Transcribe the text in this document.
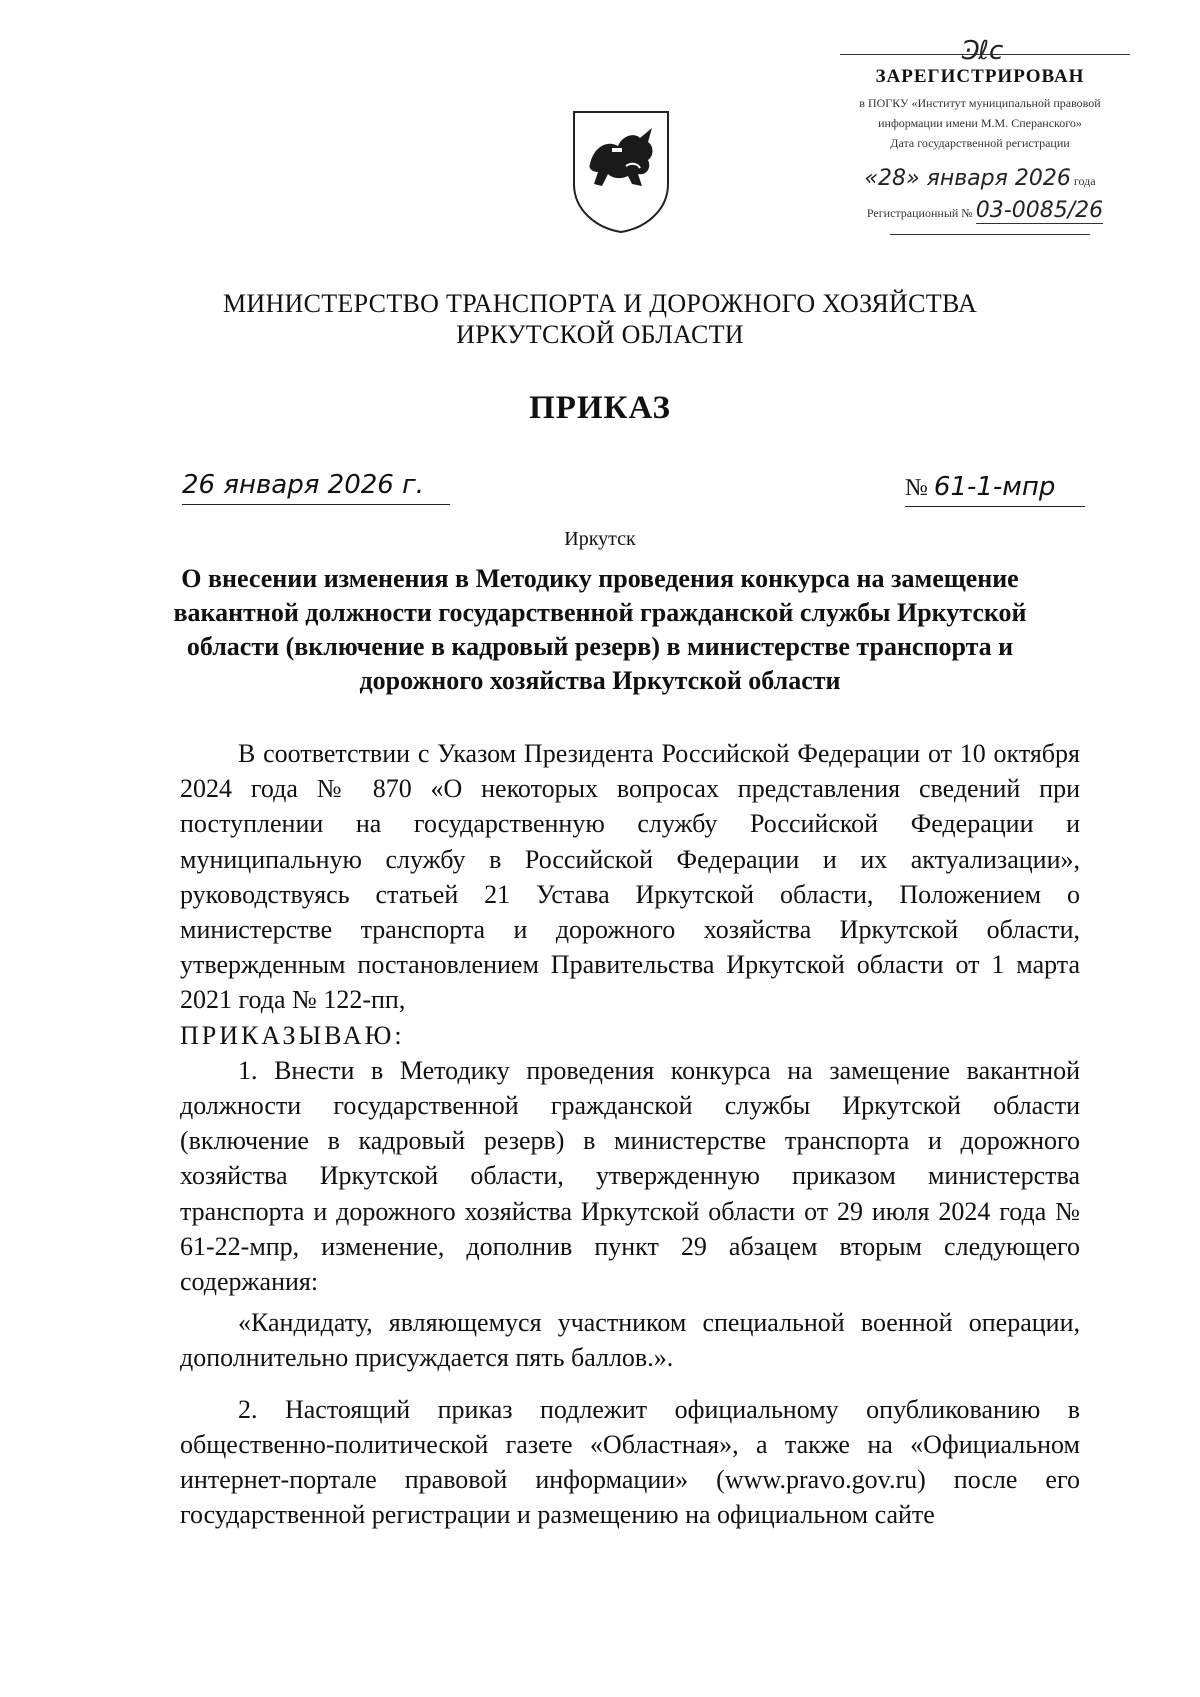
Ͽℓс
ЗАРЕГИСТРИРОВАН
в ПОГКУ «Институт муниципальной правовой
информации имени М.М. Сперанского»
Дата государственной регистрации
«28» января 2026 года
Регистрационный № 03-0085/26
МИНИСТЕРСТВО ТРАНСПОРТА И ДОРОЖНОГО ХОЗЯЙСТВА
ИРКУТСКОЙ ОБЛАСТИ
ПРИКАЗ
26 января 2026 г.	№ 61-1-мпр
Иркутск
О внесении изменения в Методику проведения конкурса на замещение вакантной должности государственной гражданской службы Иркутской области (включение в кадровый резерв) в министерстве транспорта и дорожного хозяйства Иркутской области

В соответствии с Указом Президента Российской Федерации от 10 октября 2024 года № 870 «О некоторых вопросах представления сведений при поступлении на государственную службу Российской Федерации и муниципальную службу в Российской Федерации и их актуализации», руководствуясь статьей 21 Устава Иркутской области, Положением о министерстве транспорта и дорожного хозяйства Иркутской области, утвержденным постановлением Правительства Иркутской области от 1 марта 2021 года № 122-пп,

ПРИКАЗЫВАЮ:

1. Внести в Методику проведения конкурса на замещение вакантной должности государственной гражданской службы Иркутской области (включение в кадровый резерв) в министерстве транспорта и дорожного хозяйства Иркутской области, утвержденную приказом министерства транспорта и дорожного хозяйства Иркутской области от 29 июля 2024 года № 61-22-мпр, изменение, дополнив пункт 29 абзацем вторым следующего содержания:

«Кандидату, являющемуся участником специальной военной операции, дополнительно присуждается пять баллов.».

2. Настоящий приказ подлежит официальному опубликованию в общественно-политической газете «Областная», а также на «Официальном интернет-портале правовой информации» (www.pravo.gov.ru) после его государственной регистрации и размещению на официальном сайте
